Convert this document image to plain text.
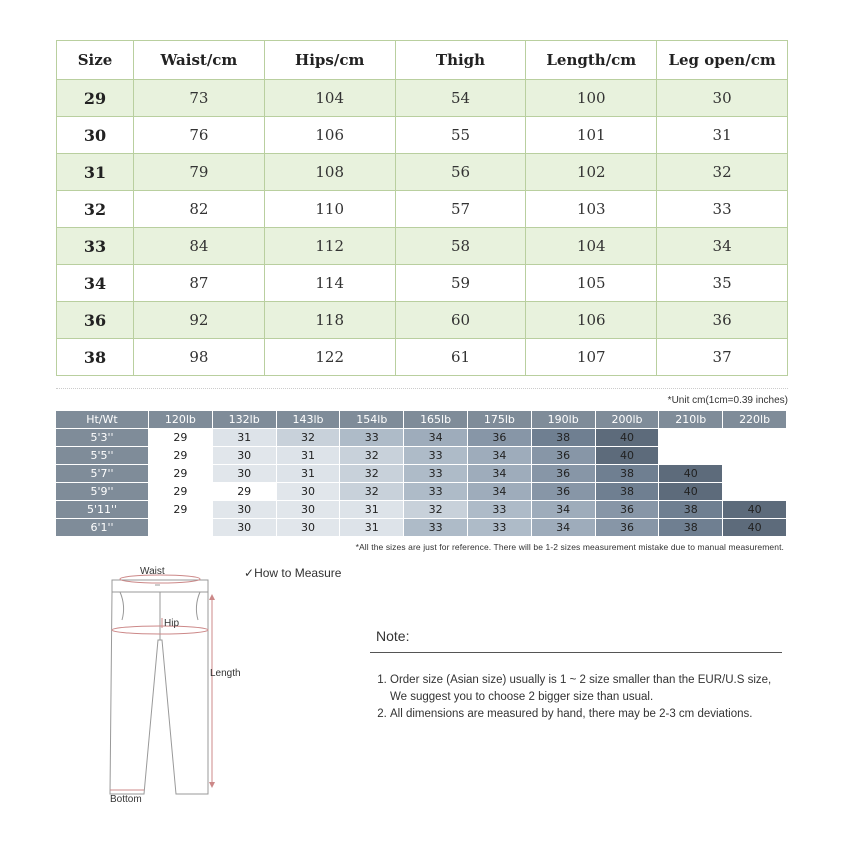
Size	Waist/cm	Hips/cm	Thigh	Length/cm	Leg open/cm
29	73	104	54	100	30
30	76	106	55	101	31
31	79	108	56	102	32
32	82	110	57	103	33
33	84	112	58	104	34
34	87	114	59	105	35
36	92	118	60	106	36
38	98	122	61	107	37
*Unit cm(1cm=0.39 inches)
Ht/Wt	120lb	132lb	143lb	154lb	165lb	175lb	190lb	200lb	210lb	220lb
5'3''	29	31	32	33	34	36	38	40		
5'5''	29	30	31	32	33	34	36	40		
5'7''	29	30	31	32	33	34	36	38	40	
5'9''	29	29	30	32	33	34	36	38	40	
5'11''	29	30	30	31	32	33	34	36	38	40
6'1''		30	30	31	33	33	34	36	38	40
*All the sizes are just for reference. There will be 1-2 sizes measurement mistake due to manual measurement.
Waist
Hip
Length
Bottom
✓How to Measure
Note:
1. Order size (Asian size) usually is 1 ~ 2 size smaller than the EUR/U.S size, We suggest you to choose 2 bigger size than usual.
2. All dimensions are measured by hand, there may be 2-3 cm deviations.
